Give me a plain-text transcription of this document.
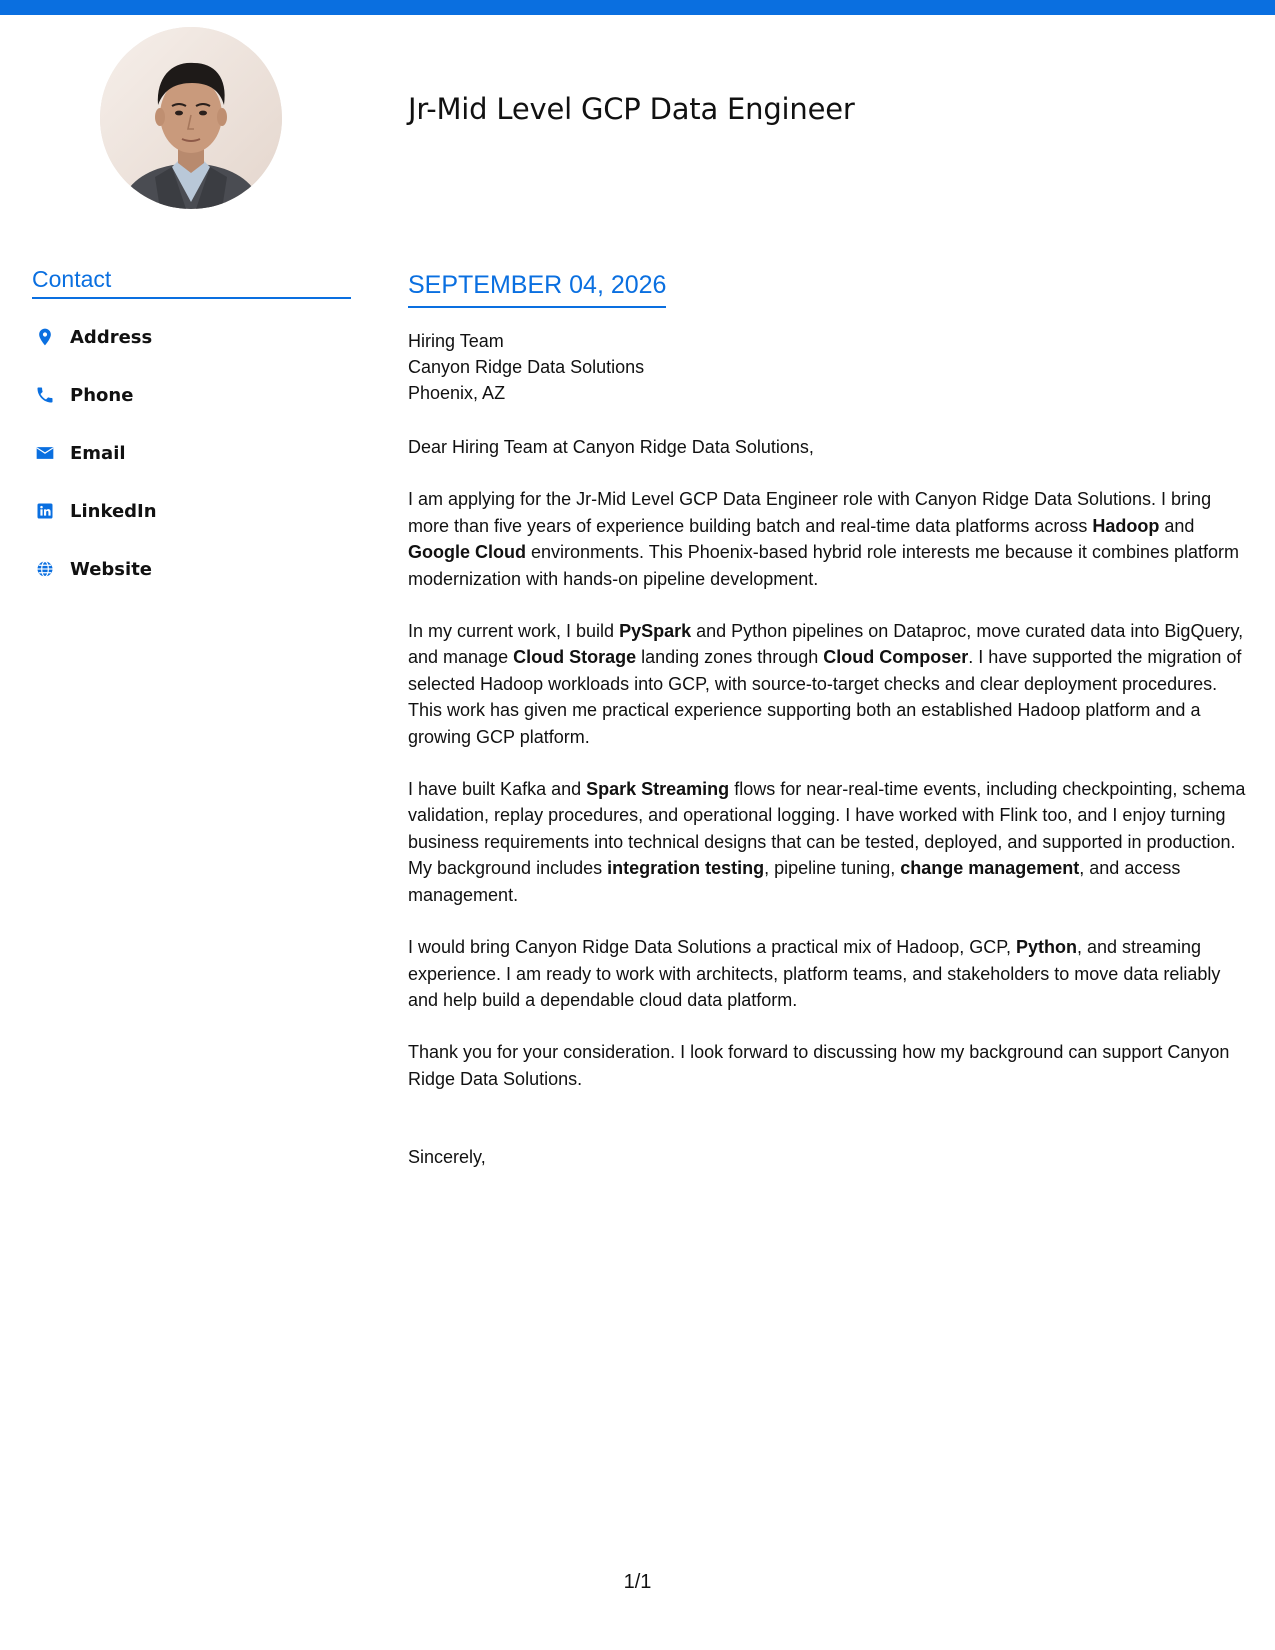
Jr-Mid Level GCP Data Engineer
Contact
Address
Phone
Email
LinkedIn
Website
SEPTEMBER 04, 2026
Hiring Team
Canyon Ridge Data Solutions
Phoenix, AZ

Dear Hiring Team at Canyon Ridge Data Solutions,

I am applying for the Jr-Mid Level GCP Data Engineer role with Canyon Ridge Data Solutions. I bring more than five years of experience building batch and real-time data platforms across Hadoop and Google Cloud environments. This Phoenix-based hybrid role interests me because it combines platform modernization with hands-on pipeline development.

In my current work, I build PySpark and Python pipelines on Dataproc, move curated data into BigQuery, and manage Cloud Storage landing zones through Cloud Composer. I have supported the migration of selected Hadoop workloads into GCP, with source-to-target checks and clear deployment procedures. This work has given me practical experience supporting both an established Hadoop platform and a growing GCP platform.

I have built Kafka and Spark Streaming flows for near-real-time events, including checkpointing, schema validation, replay procedures, and operational logging. I have worked with Flink too, and I enjoy turning business requirements into technical designs that can be tested, deployed, and supported in production. My background includes integration testing, pipeline tuning, change management, and access management.

I would bring Canyon Ridge Data Solutions a practical mix of Hadoop, GCP, Python, and streaming experience. I am ready to work with architects, platform teams, and stakeholders to move data reliably and help build a dependable cloud data platform.

Thank you for your consideration. I look forward to discussing how my background can support Canyon Ridge Data Solutions.

Sincerely,

1/1
